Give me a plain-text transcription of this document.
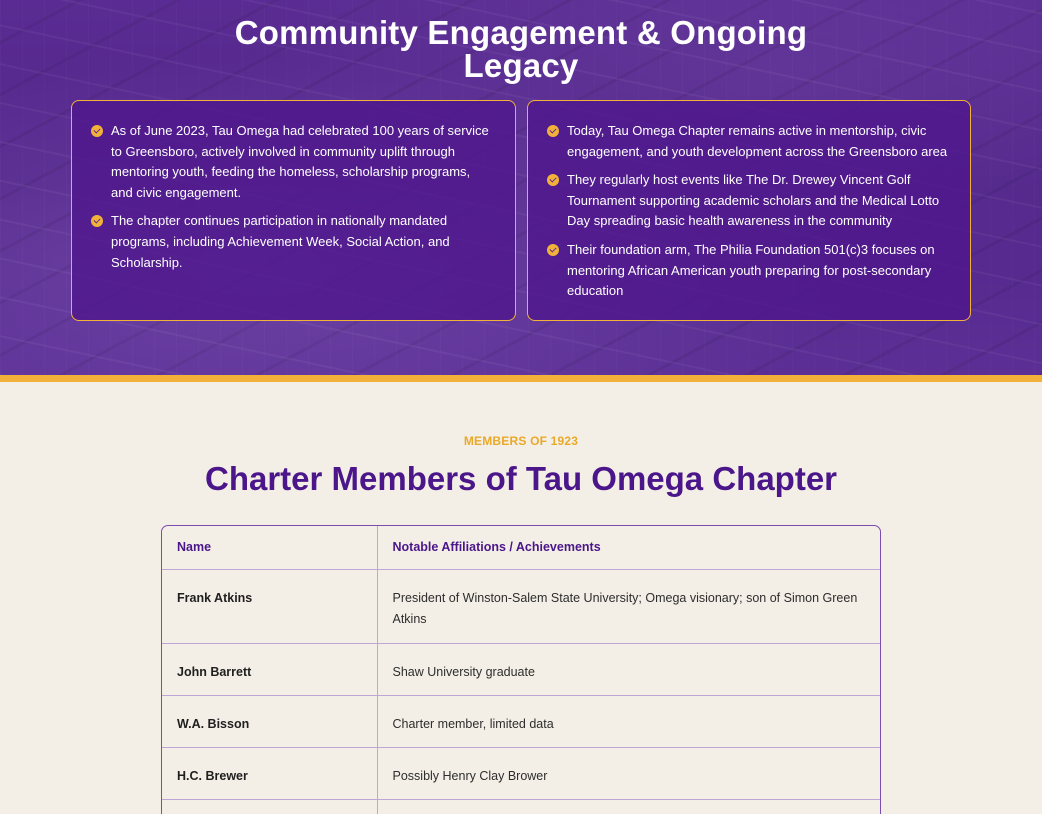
Community Engagement & Ongoing
Legacy
As of June 2023, Tau Omega had celebrated 100 years of service to Greensboro, actively involved in community uplift through mentoring youth, feeding the homeless, scholarship programs, and civic engagement.
The chapter continues participation in nationally mandated programs, including Achievement Week, Social Action, and Scholarship.
Today, Tau Omega Chapter remains active in mentorship, civic engagement, and youth development across the Greensboro area
They regularly host events like The Dr. Drewey Vincent Golf Tournament supporting academic scholars and the Medical Lotto Day spreading basic health awareness in the community
Their foundation arm, The Philia Foundation 501(c)3 focuses on mentoring African American youth preparing for post-secondary education
MEMBERS OF 1923
Charter Members of Tau Omega Chapter
Name	Notable Affiliations / Achievements
Frank Atkins	President of Winston-Salem State University; Omega visionary; son of Simon Green Atkins
John Barrett	Shaw University graduate
W.A. Bisson	Charter member, limited data
H.C. Brewer	Possibly Henry Clay Brower
